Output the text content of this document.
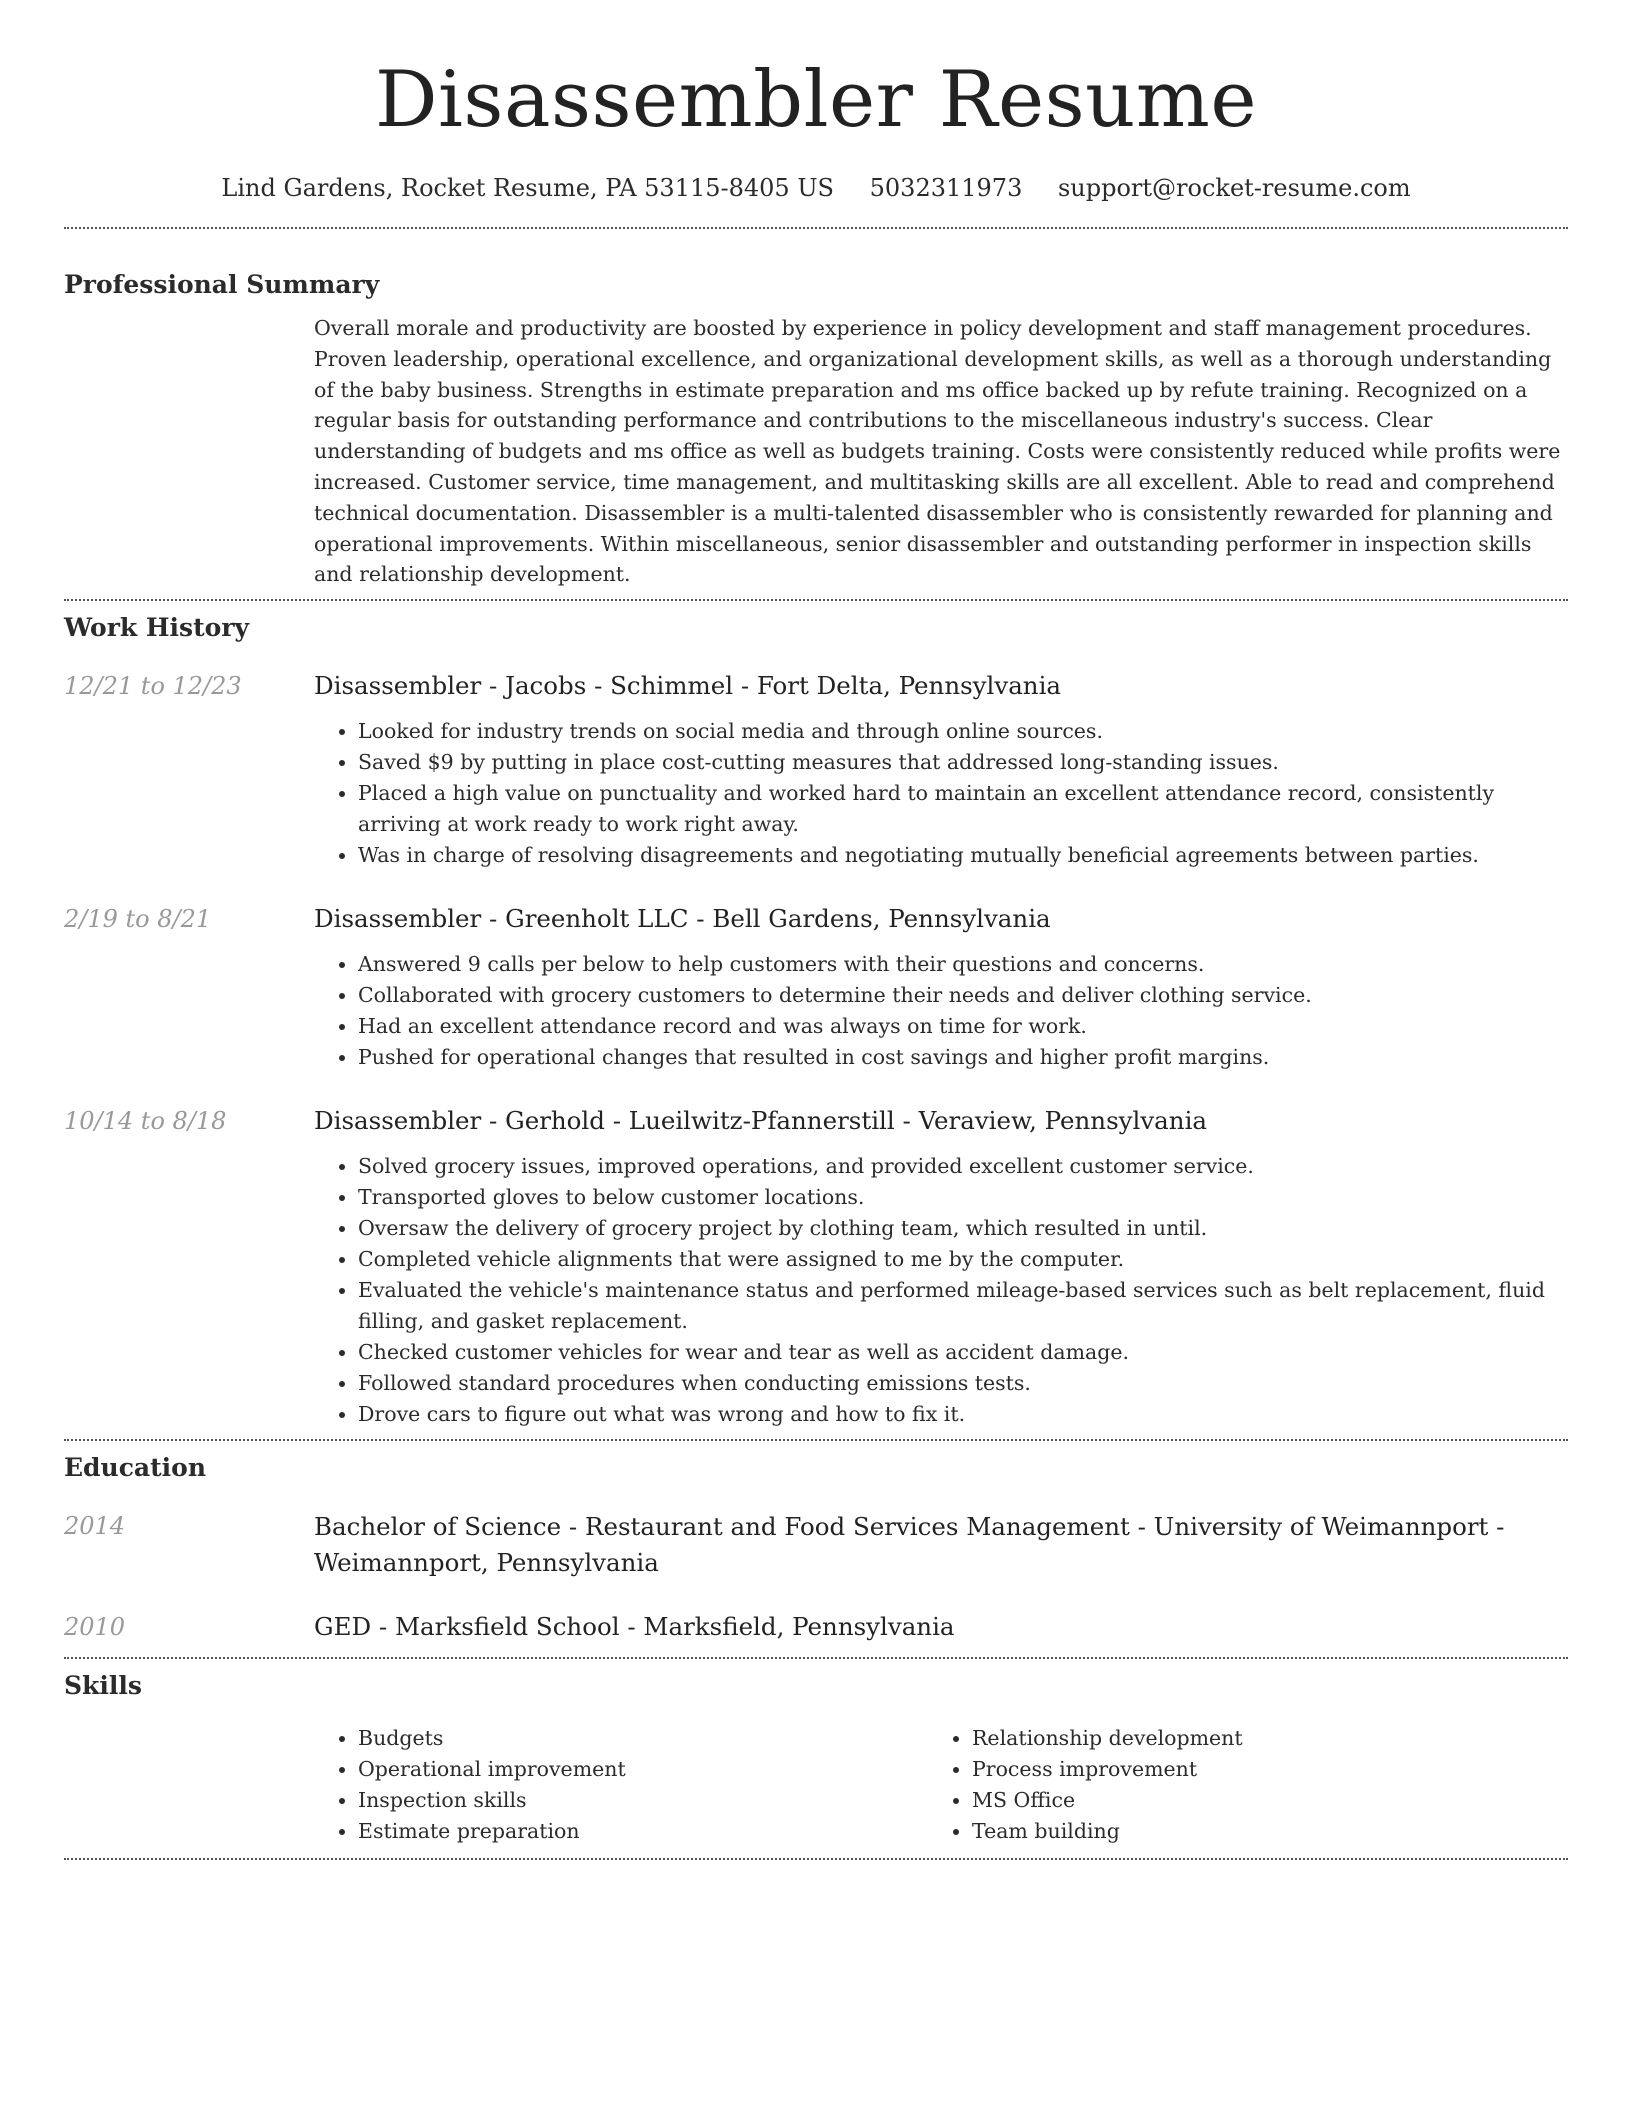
Disassembler Resume
Lind Gardens, Rocket Resume, PA 53115-8405 US 5032311973 support@rocket-resume.com
Professional Summary

Overall morale and productivity are boosted by experience in policy development and staff management procedures. Proven leadership, operational excellence, and organizational development skills, as well as a thorough understanding of the baby business. Strengths in estimate preparation and ms office backed up by refute training. Recognized on a regular basis for outstanding performance and contributions to the miscellaneous industry's success. Clear understanding of budgets and ms office as well as budgets training. Costs were consistently reduced while profits were increased. Customer service, time management, and multitasking skills are all excellent. Able to read and comprehend technical documentation. Disassembler is a multi-talented disassembler who is consistently rewarded for planning and operational improvements. Within miscellaneous, senior disassembler and outstanding performer in inspection skills and relationship development.

Work History
12/21 to 12/23	Disassembler - Jacobs - Schimmel - Fort Delta, Pennsylvania
• Looked for industry trends on social media and through online sources.
• Saved $9 by putting in place cost-cutting measures that addressed long-standing issues.
• Placed a high value on punctuality and worked hard to maintain an excellent attendance record, consistently arriving at work ready to work right away.
• Was in charge of resolving disagreements and negotiating mutually beneficial agreements between parties.
2/19 to 8/21	Disassembler - Greenholt LLC - Bell Gardens, Pennsylvania
• Answered 9 calls per below to help customers with their questions and concerns.
• Collaborated with grocery customers to determine their needs and deliver clothing service.
• Had an excellent attendance record and was always on time for work.
• Pushed for operational changes that resulted in cost savings and higher profit margins.
10/14 to 8/18	Disassembler - Gerhold - Lueilwitz-Pfannerstill - Veraview, Pennsylvania
• Solved grocery issues, improved operations, and provided excellent customer service.
• Transported gloves to below customer locations.
• Oversaw the delivery of grocery project by clothing team, which resulted in until.
• Completed vehicle alignments that were assigned to me by the computer.
• Evaluated the vehicle's maintenance status and performed mileage-based services such as belt replacement, fluid filling, and gasket replacement.
• Checked customer vehicles for wear and tear as well as accident damage.
• Followed standard procedures when conducting emissions tests.
• Drove cars to figure out what was wrong and how to fix it.
Education
2014	Bachelor of Science - Restaurant and Food Services Management - University of Weimannport - Weimannport, Pennsylvania
2010	GED - Marksfield School - Marksfield, Pennsylvania
Skills
• Budgets
• Operational improvement
• Inspection skills
• Estimate preparation
• Relationship development
• Process improvement
• MS Office
• Team building
